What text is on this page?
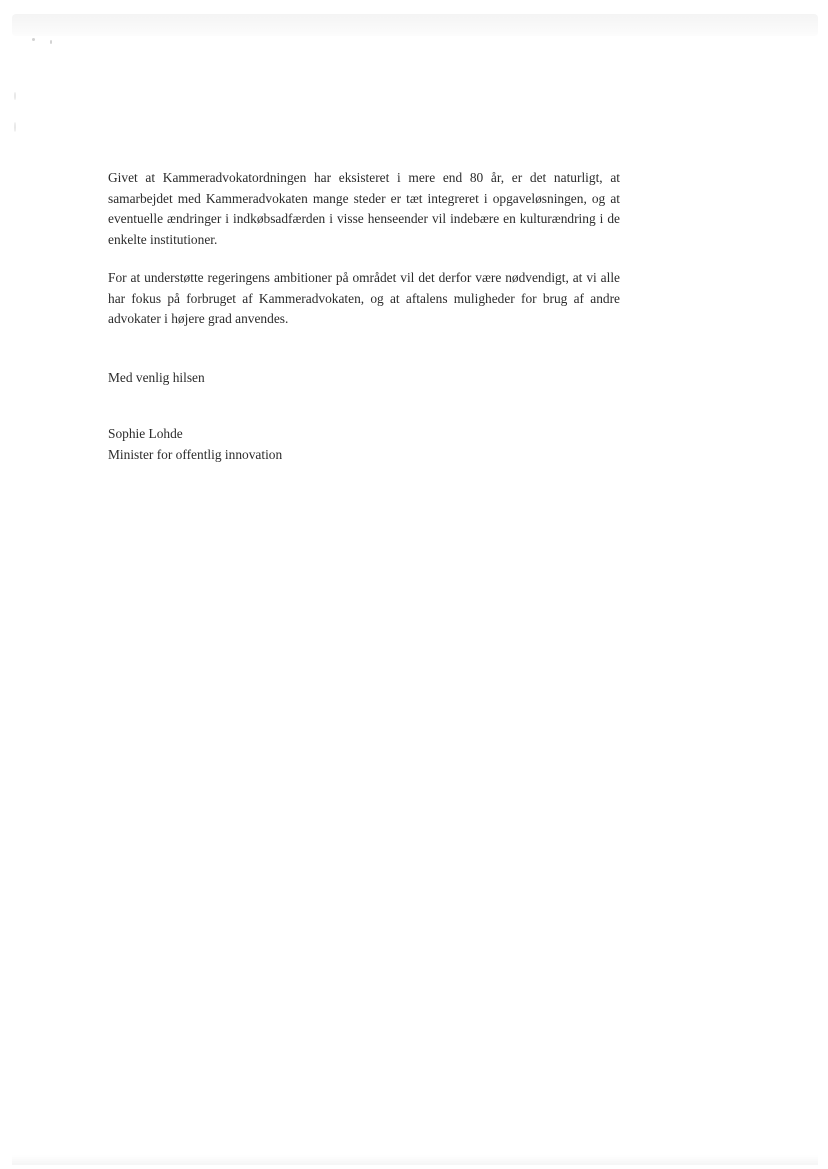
Givet at Kammeradvokatordningen har eksisteret i mere end 80 år, er det naturligt, at samarbejdet med Kammeradvokaten mange steder er tæt integreret i opgaveløsningen, og at eventuelle ændringer i indkøbsadfærden i visse henseender vil indebære en kulturændring i de enkelte institutioner.

For at understøtte regeringens ambitioner på området vil det derfor være nødvendigt, at vi alle har fokus på forbruget af Kammeradvokaten, og at aftalens muligheder for brug af andre advokater i højere grad anvendes.

Med venlig hilsen

Sophie Lohde
Minister for offentlig innovation
